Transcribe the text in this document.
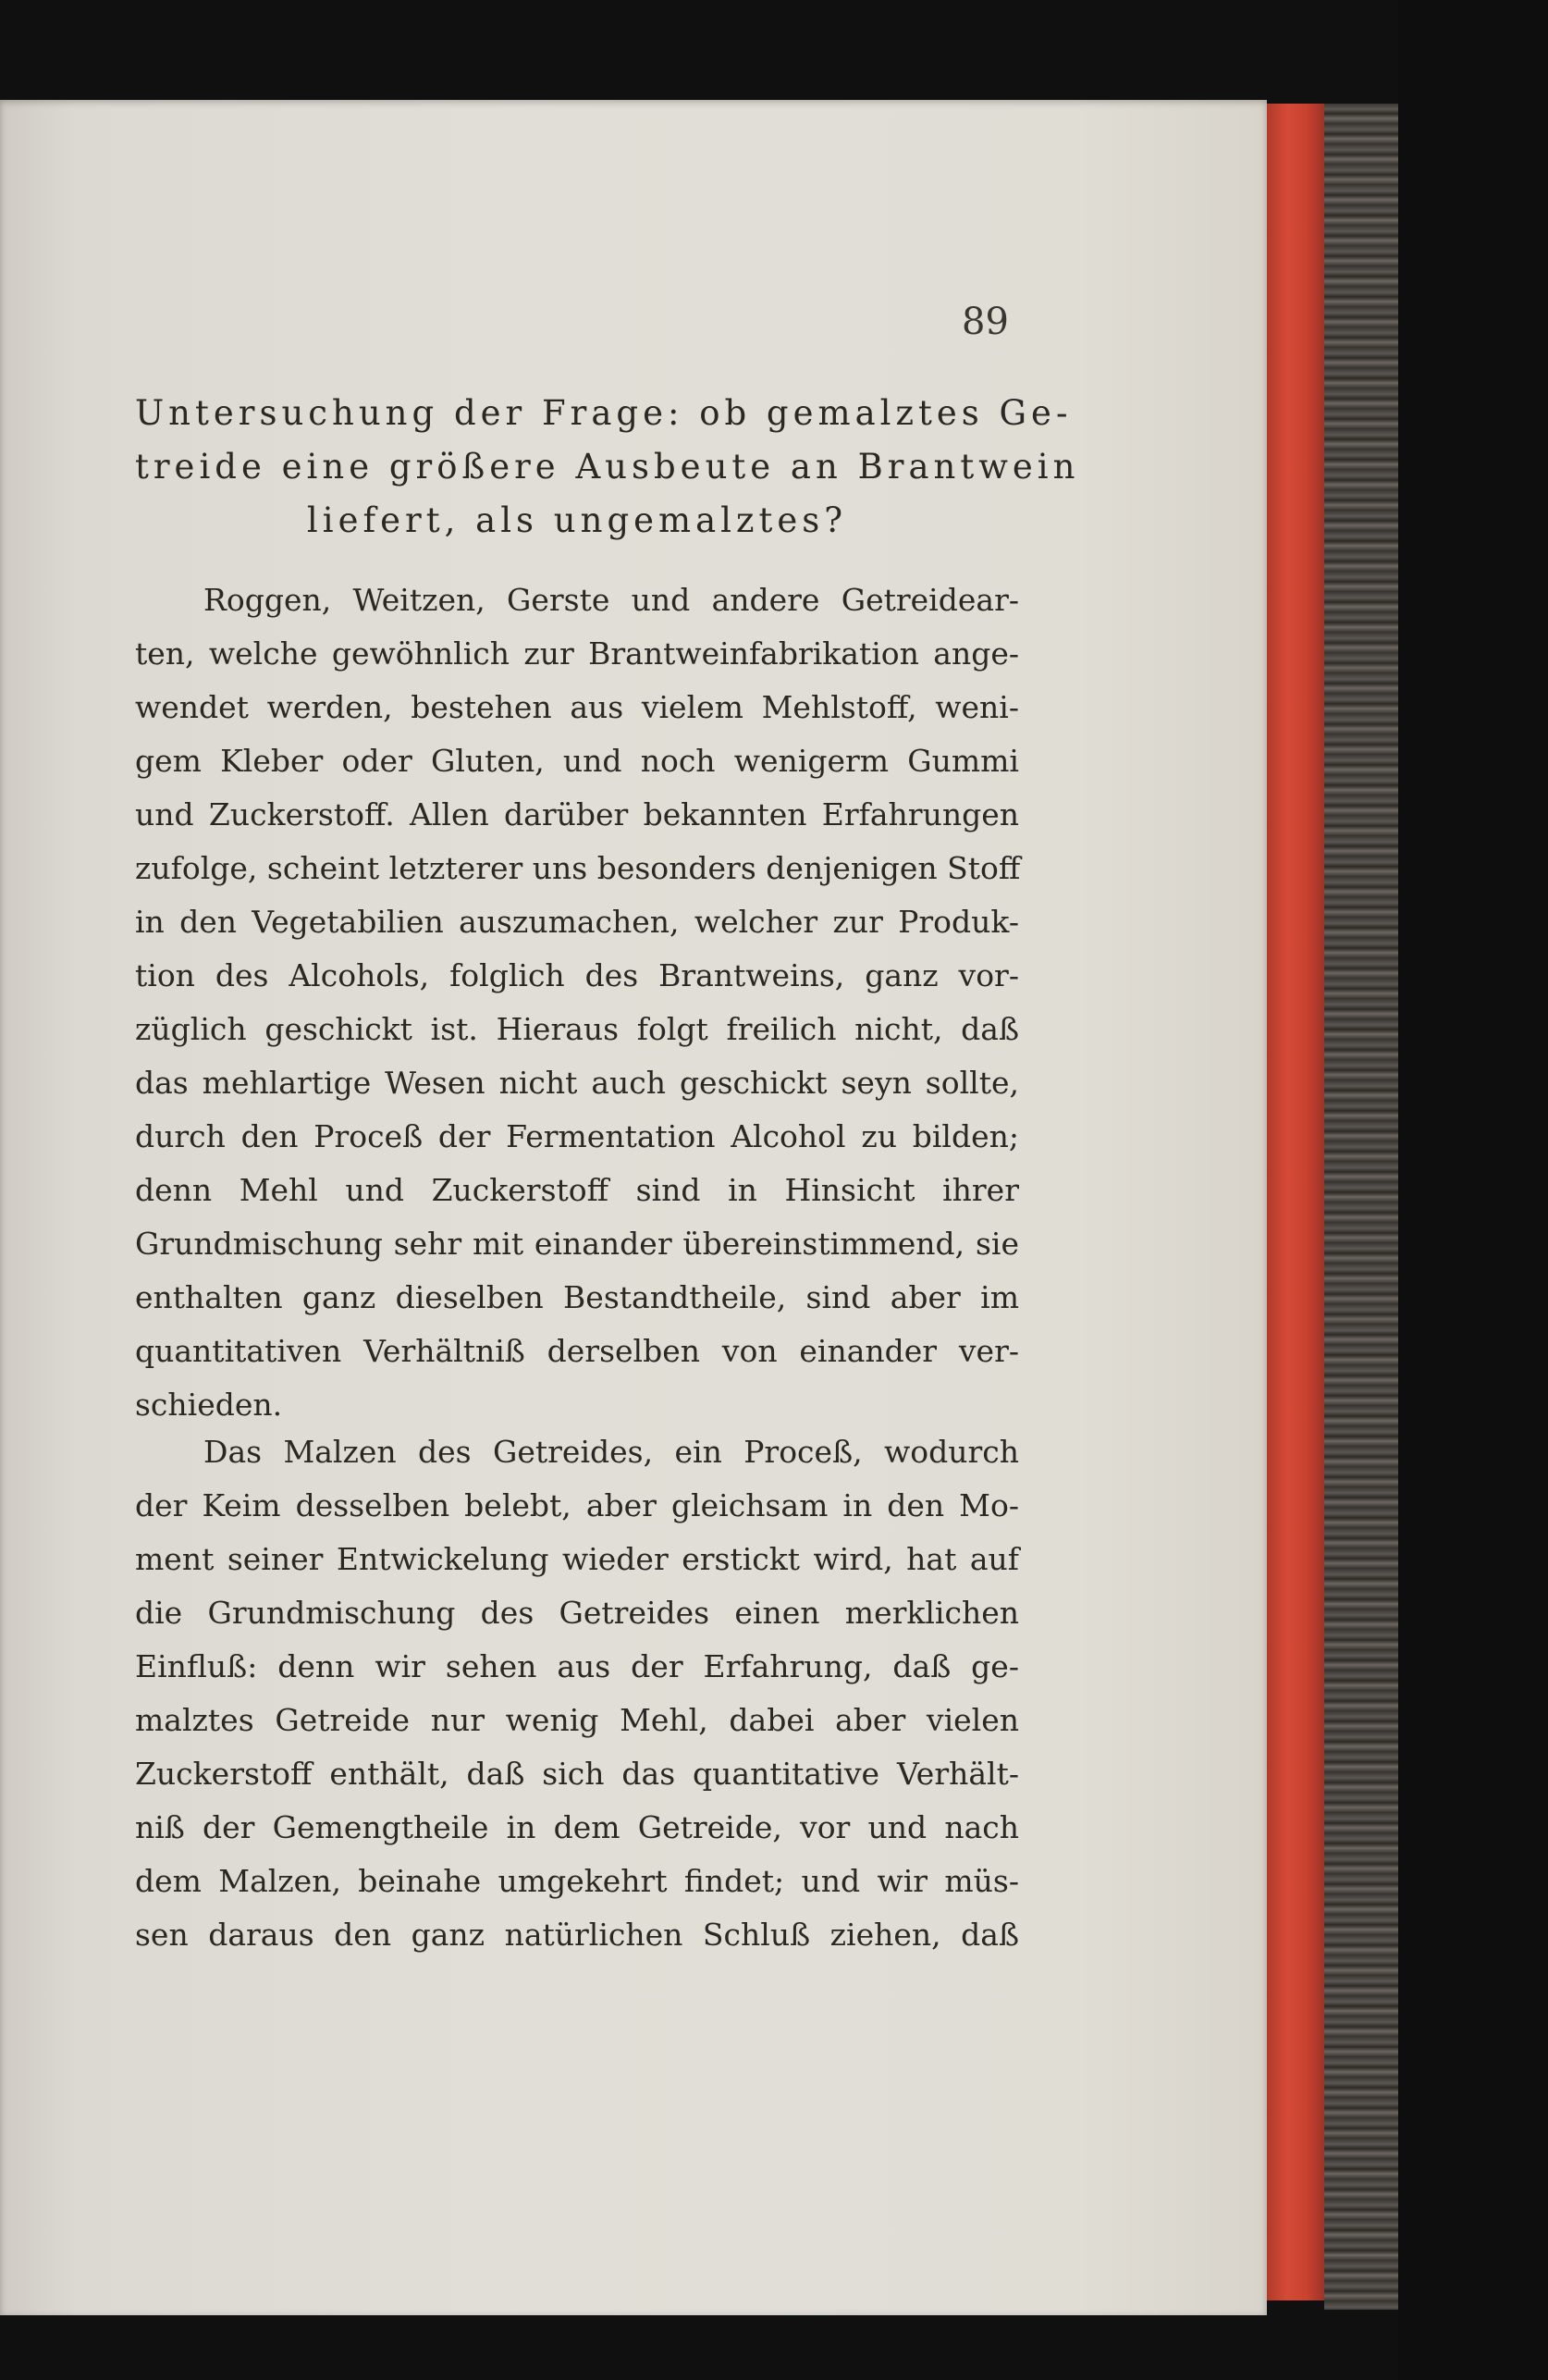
89
Untersuchung der Frage: ob gemalztes Ge-
treide eine größere Ausbeute an Brantwein
liefert, als ungemalztes?
Roggen, Weitzen, Gerste und andere Getreidear-
ten, welche gewöhnlich zur Brantweinfabrikation ange-
wendet werden, bestehen aus vielem Mehlstoff, weni-
gem Kleber oder Gluten, und noch wenigerm Gummi
und Zuckerstoff. Allen darüber bekannten Erfahrungen
zufolge, scheint letzterer uns besonders denjenigen Stoff
in den Vegetabilien auszumachen, welcher zur Produk-
tion des Alcohols, folglich des Brantweins, ganz vor-
züglich geschickt ist. Hieraus folgt freilich nicht, daß
das mehlartige Wesen nicht auch geschickt seyn sollte,
durch den Proceß der Fermentation Alcohol zu bilden;
denn Mehl und Zuckerstoff sind in Hinsicht ihrer
Grundmischung sehr mit einander übereinstimmend, sie
enthalten ganz dieselben Bestandtheile, sind aber im
quantitativen Verhältniß derselben von einander ver-
schieden.
Das Malzen des Getreides, ein Proceß, wodurch
der Keim desselben belebt, aber gleichsam in den Mo-
ment seiner Entwickelung wieder erstickt wird, hat auf
die Grundmischung des Getreides einen merklichen
Einfluß: denn wir sehen aus der Erfahrung, daß ge-
malztes Getreide nur wenig Mehl, dabei aber vielen
Zuckerstoff enthält, daß sich das quantitative Verhält-
niß der Gemengtheile in dem Getreide, vor und nach
dem Malzen, beinahe umgekehrt findet; und wir müs-
sen daraus den ganz natürlichen Schluß ziehen, daß
